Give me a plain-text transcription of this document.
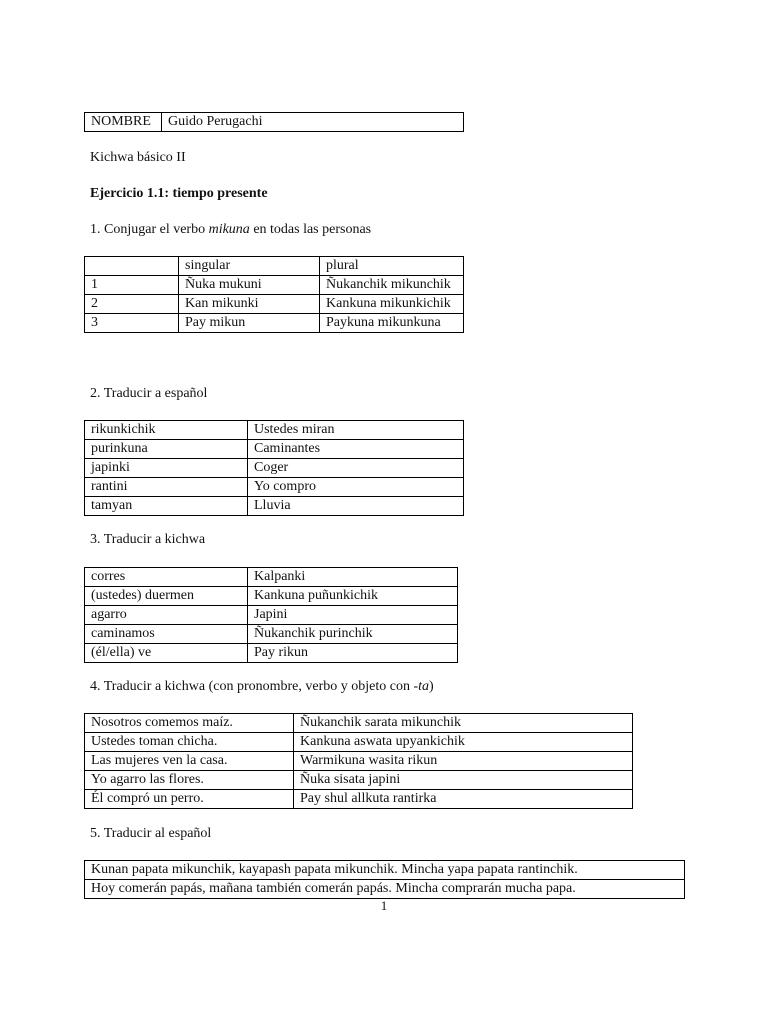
NOMBRE	Guido Perugachi
Kichwa básico II
Ejercicio 1.1: tiempo presente
1. Conjugar el verbo mikuna en todas las personas
	singular	plural
1	Ñuka mukuni	Ñukanchik mikunchik
2	Kan mikunki	Kankuna mikunkichik
3	Pay mikun	Paykuna mikunkuna
2. Traducir a español
rikunkichik	Ustedes miran
purinkuna	Caminantes
japinki	Coger
rantini	Yo compro
tamyan	Lluvia
3. Traducir a kichwa
corres	Kalpanki
(ustedes) duermen	Kankuna puñunkichik
agarro	Japini
caminamos	Ñukanchik purinchik
(él/ella) ve	Pay rikun
4. Traducir a kichwa (con pronombre, verbo y objeto con -ta)
Nosotros comemos maíz.	Ñukanchik sarata mikunchik
Ustedes toman chicha.	Kankuna aswata upyankichik
Las mujeres ven la casa.	Warmikuna wasita rikun
Yo agarro las flores.	Ñuka sisata japini
Él compró un perro.	Pay shul allkuta rantirka
5. Traducir al español
Kunan papata mikunchik, kayapash papata mikunchik. Mincha yapa papata rantinchik.
Hoy comerán papás, mañana también comerán papás. Mincha comprarán mucha papa.
1
